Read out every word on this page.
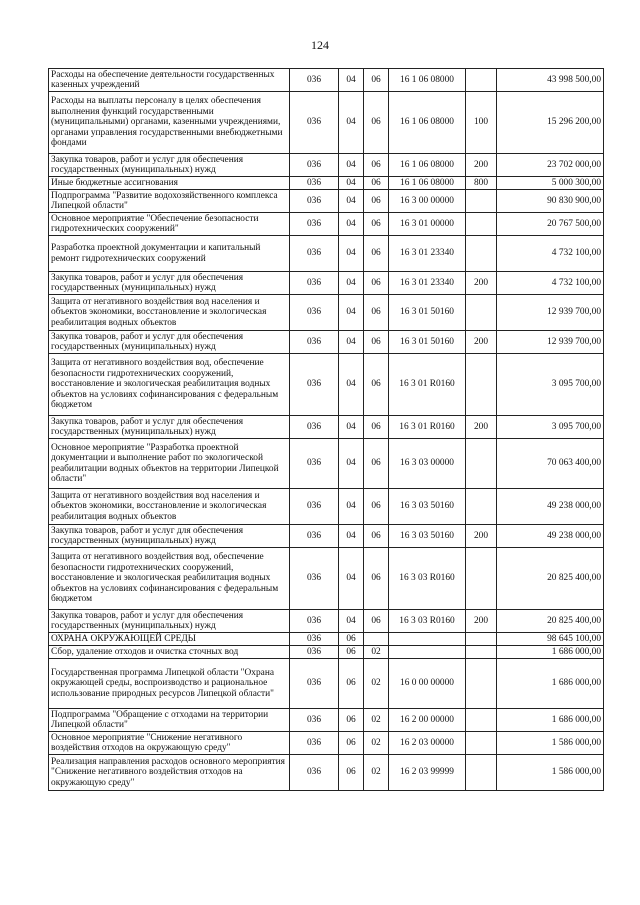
124
Расходы на обеспечение деятельности государственных казенных учреждений	036	04	06	16 1 06 08000		43 998 500,00
Расходы на выплаты персоналу в целях обеспечения выполнения функций государственными (муниципальными) органами, казенными учреждениями, органами управления государственными внебюджетными фондами	036	04	06	16 1 06 08000	100	15 296 200,00
Закупка товаров, работ и услуг для обеспечения государственных (муниципальных) нужд	036	04	06	16 1 06 08000	200	23 702 000,00
Иные бюджетные ассигнования	036	04	06	16 1 06 08000	800	5 000 300,00
Подпрограмма "Развитие водохозяйственного комплекса Липецкой области"	036	04	06	16 3 00 00000		90 830 900,00
Основное мероприятие "Обеспечение безопасности гидротехнических сооружений"	036	04	06	16 3 01 00000		20 767 500,00
Разработка проектной документации и капитальный ремонт гидротехнических сооружений	036	04	06	16 3 01 23340		4 732 100,00
Закупка товаров, работ и услуг для обеспечения государственных (муниципальных) нужд	036	04	06	16 3 01 23340	200	4 732 100,00
Защита от негативного воздействия вод населения и объектов экономики, восстановление и экологическая реабилитация водных объектов	036	04	06	16 3 01 50160		12 939 700,00
Закупка товаров, работ и услуг для обеспечения государственных (муниципальных) нужд	036	04	06	16 3 01 50160	200	12 939 700,00
Защита от негативного воздействия вод, обеспечение безопасности гидротехнических сооружений, восстановление и экологическая реабилитация водных объектов на условиях софинансирования с федеральным бюджетом	036	04	06	16 3 01 R0160		3 095 700,00
Закупка товаров, работ и услуг для обеспечения государственных (муниципальных) нужд	036	04	06	16 3 01 R0160	200	3 095 700,00
Основное мероприятие "Разработка проектной документации и выполнение работ по экологической реабилитации водных объектов на территории Липецкой области"	036	04	06	16 3 03 00000		70 063 400,00
Защита от негативного воздействия вод населения и объектов экономики, восстановление и экологическая реабилитация водных объектов	036	04	06	16 3 03 50160		49 238 000,00
Закупка товаров, работ и услуг для обеспечения государственных (муниципальных) нужд	036	04	06	16 3 03 50160	200	49 238 000,00
Защита от негативного воздействия вод, обеспечение безопасности гидротехнических сооружений, восстановление и экологическая реабилитация водных объектов на условиях софинансирования с федеральным бюджетом	036	04	06	16 3 03 R0160		20 825 400,00
Закупка товаров, работ и услуг для обеспечения государственных (муниципальных) нужд	036	04	06	16 3 03 R0160	200	20 825 400,00
ОХРАНА ОКРУЖАЮЩЕЙ СРЕДЫ	036	06				98 645 100,00
Сбор, удаление отходов и очистка сточных вод	036	06	02			1 686 000,00
Государственная программа Липецкой области "Охрана окружающей среды, воспроизводство и рациональное использование природных ресурсов Липецкой области"	036	06	02	16 0 00 00000		1 686 000,00
Подпрограмма "Обращение с отходами на территории Липецкой области"	036	06	02	16 2 00 00000		1 686 000,00
Основное мероприятие "Снижение негативного воздействия отходов на окружающую среду"	036	06	02	16 2 03 00000		1 586 000,00
Реализация направления расходов основного мероприятия "Снижение негативного воздействия отходов на окружающую среду"	036	06	02	16 2 03 99999		1 586 000,00
